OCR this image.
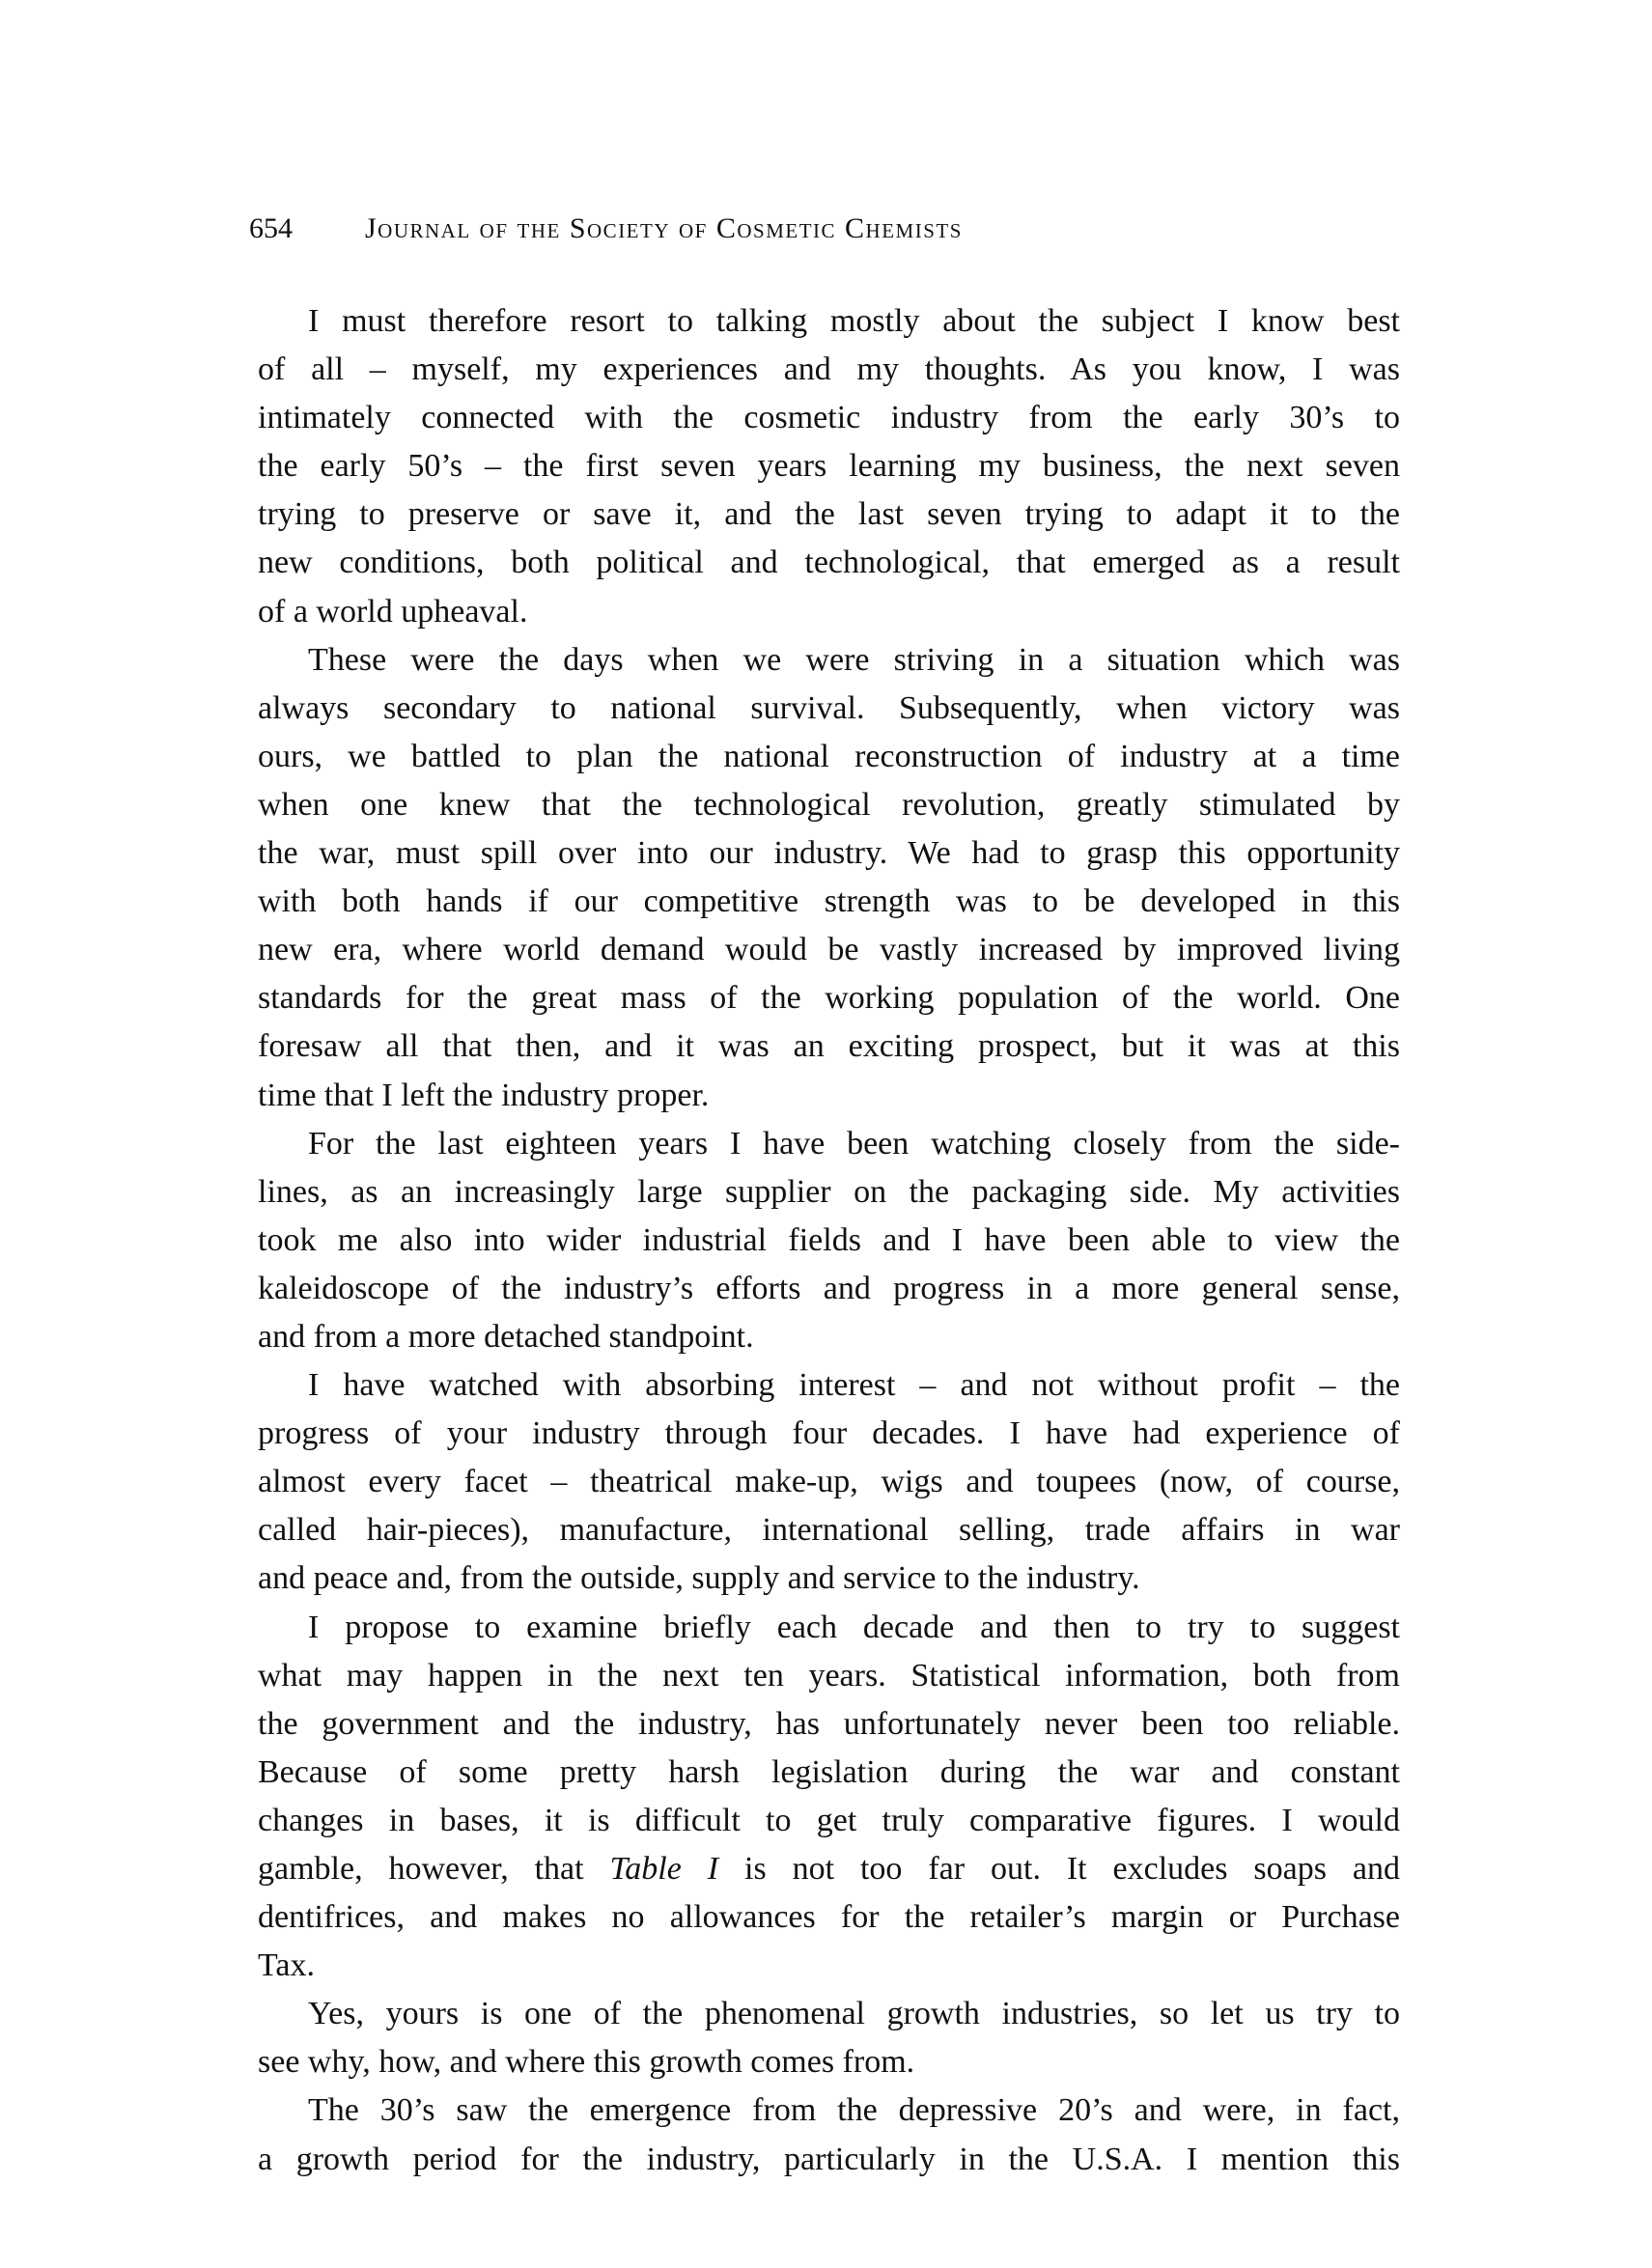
654	Journal of the Society of Cosmetic Chemists
I must therefore resort to talking mostly about the subject I know best
of all – myself, my experiences and my thoughts. As you know, I was
intimately connected with the cosmetic industry from the early 30’s to
the early 50’s – the first seven years learning my business, the next seven
trying to preserve or save it, and the last seven trying to adapt it to the
new conditions, both political and technological, that emerged as a result
of a world upheaval.
These were the days when we were striving in a situation which was
always secondary to national survival. Subsequently, when victory was
ours, we battled to plan the national reconstruction of industry at a time
when one knew that the technological revolution, greatly stimulated by
the war, must spill over into our industry. We had to grasp this opportunity
with both hands if our competitive strength was to be developed in this
new era, where world demand would be vastly increased by improved living
standards for the great mass of the working population of the world. One
foresaw all that then, and it was an exciting prospect, but it was at this
time that I left the industry proper.
For the last eighteen years I have been watching closely from the side-
lines, as an increasingly large supplier on the packaging side. My activities
took me also into wider industrial fields and I have been able to view the
kaleidoscope of the industry’s efforts and progress in a more general sense,
and from a more detached standpoint.
I have watched with absorbing interest – and not without profit – the
progress of your industry through four decades. I have had experience of
almost every facet – theatrical make-up, wigs and toupees (now, of course,
called hair-pieces), manufacture, international selling, trade affairs in war
and peace and, from the outside, supply and service to the industry.
I propose to examine briefly each decade and then to try to suggest
what may happen in the next ten years. Statistical information, both from
the government and the industry, has unfortunately never been too reliable.
Because of some pretty harsh legislation during the war and constant
changes in bases, it is difficult to get truly comparative figures. I would
gamble, however, that Table I is not too far out. It excludes soaps and
dentifrices, and makes no allowances for the retailer’s margin or Purchase
Tax.
Yes, yours is one of the phenomenal growth industries, so let us try to
see why, how, and where this growth comes from.
The 30’s saw the emergence from the depressive 20’s and were, in fact,
a growth period for the industry, particularly in the U.S.A. I mention this
